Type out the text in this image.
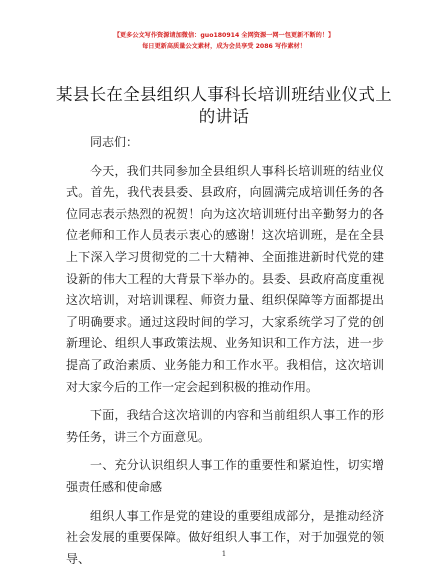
【更多公文写作资源请加微信：guo180914 全网资源一网一包更新不断的！】
每日更新高质量公文素材，成为会员享受 2086 写作素材！
某县长在全县组织人事科长培训班结业仪式上的讲话

同志们：

今天，我们共同参加全县组织人事科长培训班的结业仪式。首先，我代表县委、县政府，向圆满完成培训任务的各位同志表示热烈的祝贺！向为这次培训班付出辛勤努力的各位老师和工作人员表示衷心的感谢！这次培训班，是在全县上下深入学习贯彻党的二十大精神、全面推进新时代党的建设新的伟大工程的大背景下举办的。县委、县政府高度重视这次培训，对培训课程、师资力量、组织保障等方面都提出了明确要求。通过这段时间的学习，大家系统学习了党的创新理论、组织人事政策法规、业务知识和工作方法，进一步提高了政治素质、业务能力和工作水平。我相信，这次培训对大家今后的工作一定会起到积极的推动作用。

下面，我结合这次培训的内容和当前组织人事工作的形势任务，讲三个方面意见。

一、充分认识组织人事工作的重要性和紧迫性，切实增强责任感和使命感

组织人事工作是党的建设的重要组成部分，是推动经济社会发展的重要保障。做好组织人事工作，对于加强党的领导、	1
